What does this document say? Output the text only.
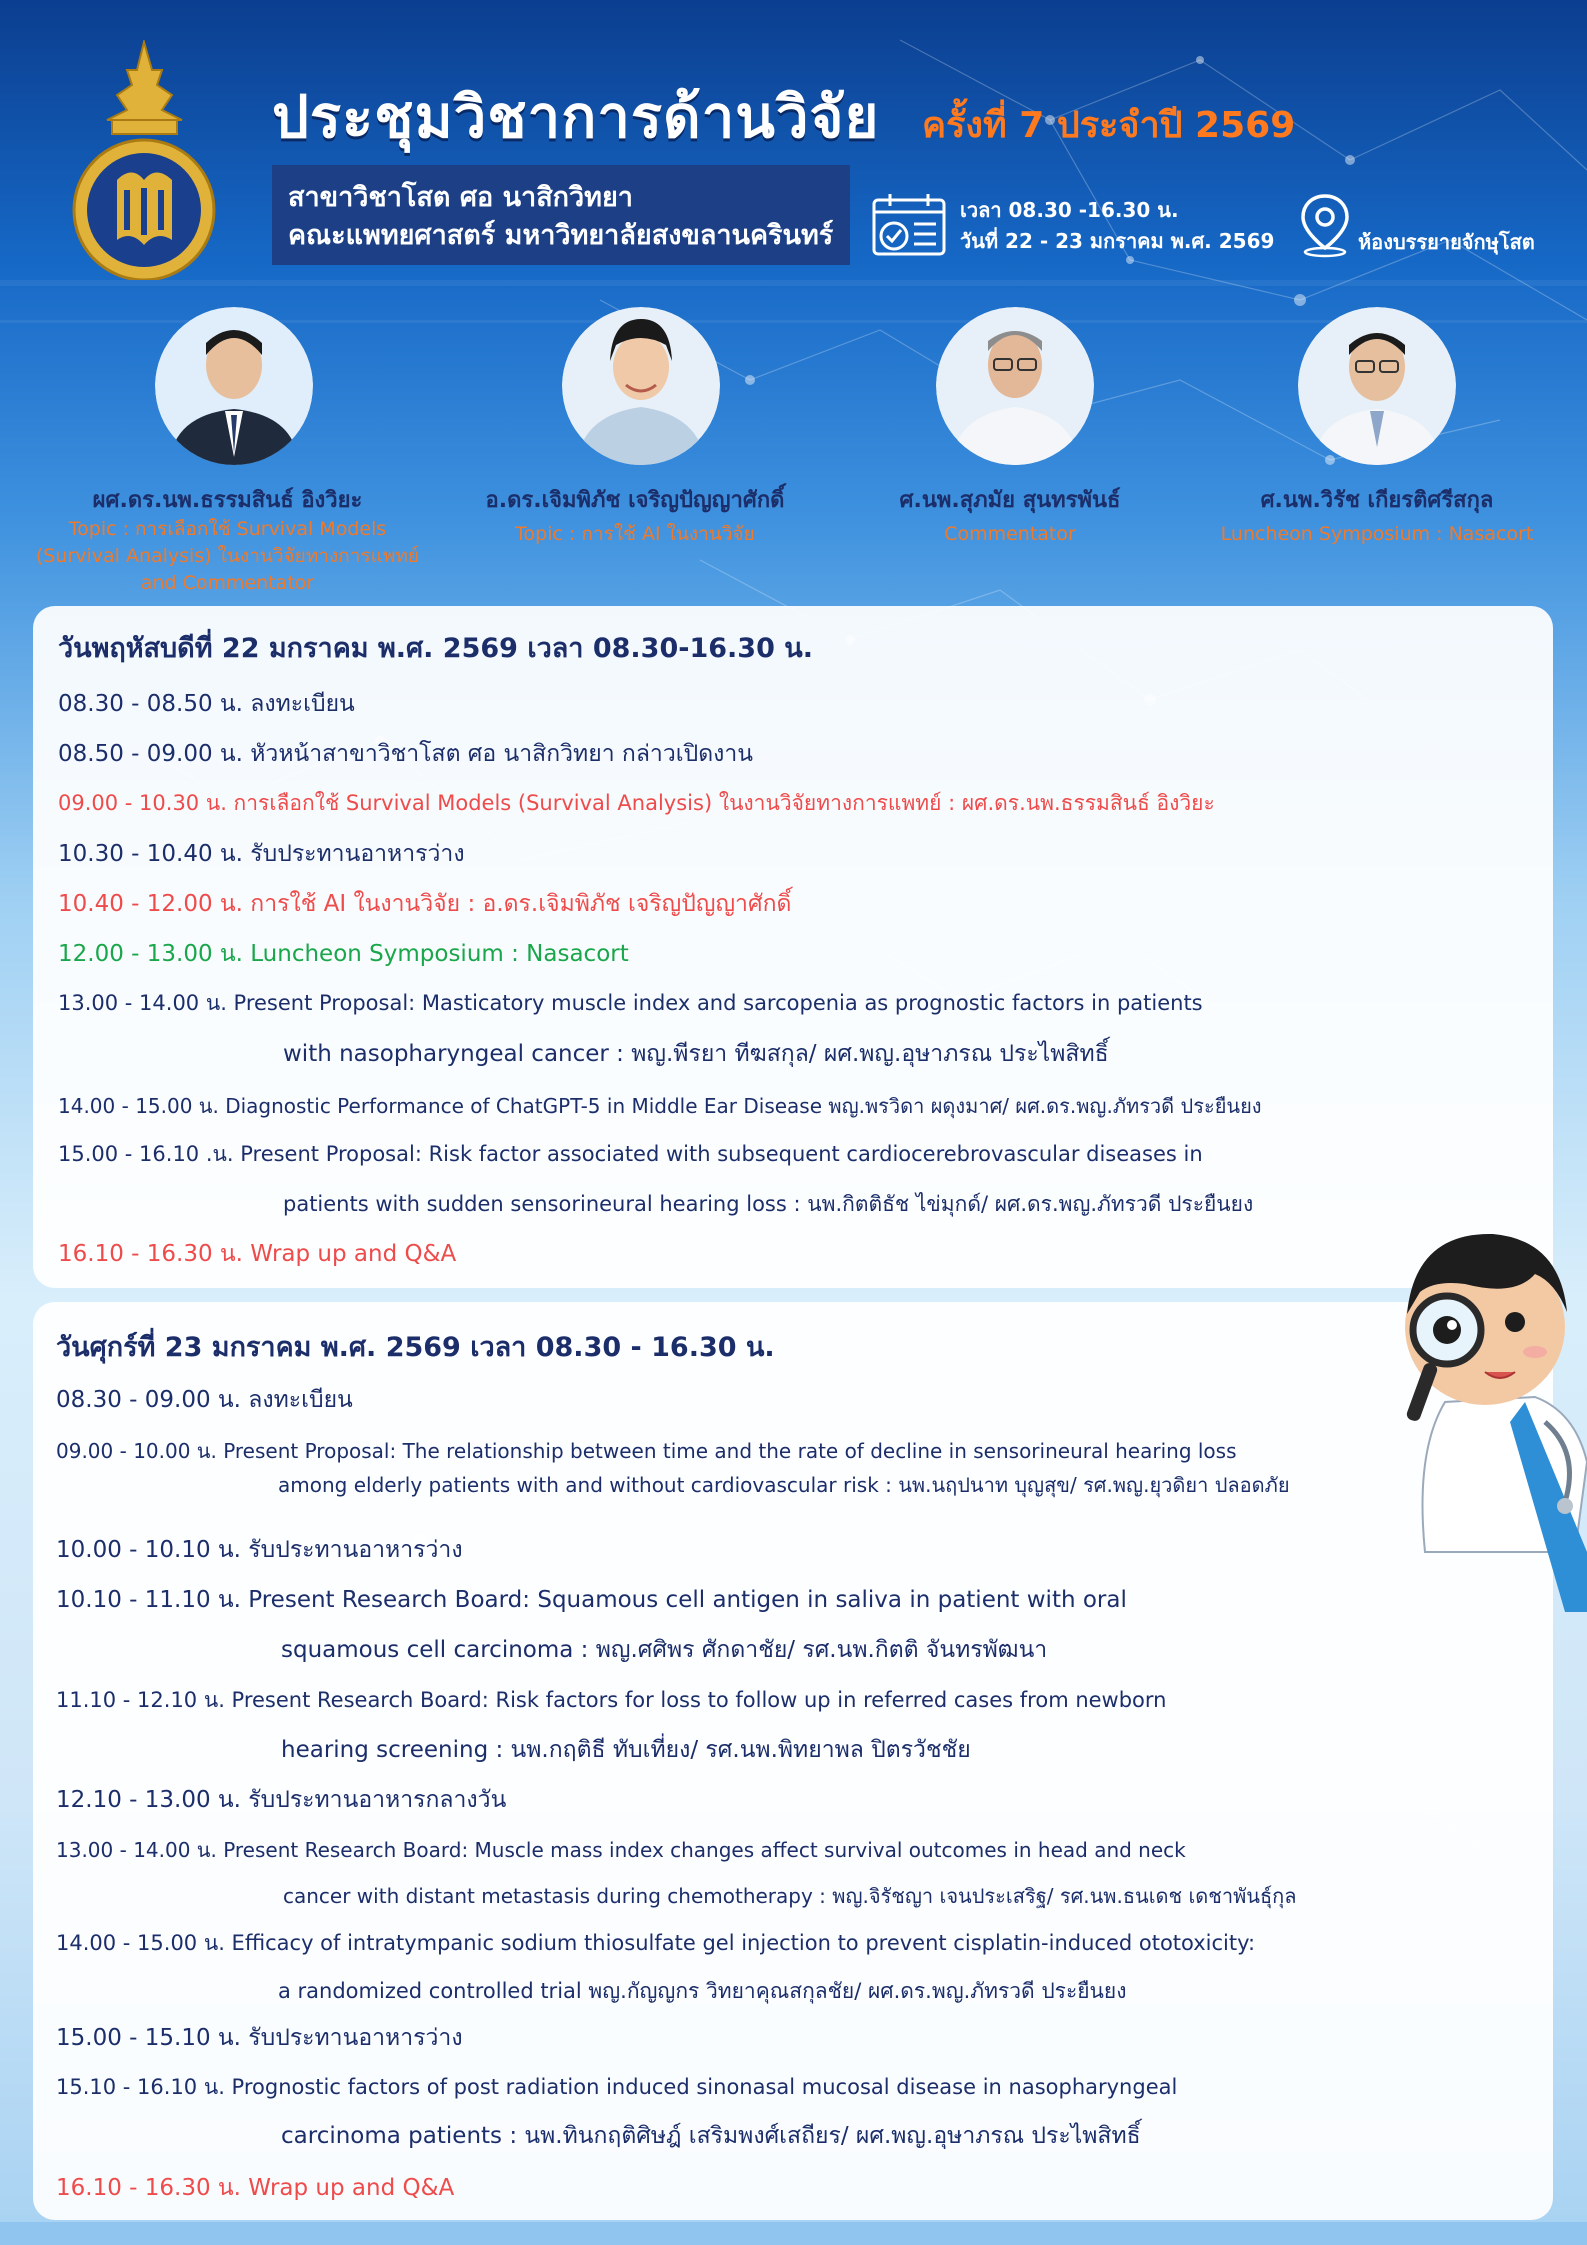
ประชุมวิชาการด้านวิจัย ครั้งที่ 7 ประจำปี 2569
สาขาวิชาโสต ศอ นาสิกวิทยา
คณะแพทยศาสตร์ มหาวิทยาลัยสงขลานครินทร์
เวลา 08.30 -16.30 น.
วันที่ 22 - 23 มกราคม พ.ศ. 2569	ห้องบรรยายจักษุโสต
ผศ.ดร.นพ.ธรรมสินธ์ อิงวิยะ
Topic : การเลือกใช้ Survival Models
(Survival Analysis) ในงานวิจัยทางการแพทย์
and Commentator
อ.ดร.เจิมพิภัช เจริญปัญญาศักดิ์
Topic : การใช้ AI ในงานวิจัย
ศ.นพ.สุภมัย สุนทรพันธ์
Commentator
ศ.นพ.วิรัช เกียรติศรีสกุล
Luncheon Symposium : Nasacort
วันพฤหัสบดีที่ 22 มกราคม พ.ศ. 2569 เวลา 08.30-16.30 น.
08.30 - 08.50 น. ลงทะเบียน
08.50 - 09.00 น. หัวหน้าสาขาวิชาโสต ศอ นาสิกวิทยา กล่าวเปิดงาน
09.00 - 10.30 น. การเลือกใช้ Survival Models (Survival Analysis) ในงานวิจัยทางการแพทย์ : ผศ.ดร.นพ.ธรรมสินธ์ อิงวิยะ
10.30 - 10.40 น. รับประทานอาหารว่าง
10.40 - 12.00 น. การใช้ AI ในงานวิจัย : อ.ดร.เจิมพิภัช เจริญปัญญาศักดิ์
12.00 - 13.00 น. Luncheon Symposium : Nasacort
13.00 - 14.00 น. Present Proposal: Masticatory muscle index and sarcopenia as prognostic factors in patients
with nasopharyngeal cancer : พญ.พีรยา ทีฆสกุล/ ผศ.พญ.อุษาภรณ ประไพสิทธิ์
14.00 - 15.00 น. Diagnostic Performance of ChatGPT-5 in Middle Ear Disease พญ.พรวิดา ผดุงมาศ/ ผศ.ดร.พญ.ภัทรวดี ประยืนยง
15.00 - 16.10 .น. Present Proposal: Risk factor associated with subsequent cardiocerebrovascular diseases in
patients with sudden sensorineural hearing loss : นพ.กิตติธัช ไข่มุกด์/ ผศ.ดร.พญ.ภัทรวดี ประยืนยง
16.10 - 16.30 น. Wrap up and Q&A
วันศุกร์ที่ 23 มกราคม พ.ศ. 2569 เวลา 08.30 - 16.30 น.
08.30 - 09.00 น. ลงทะเบียน
09.00 - 10.00 น. Present Proposal: The relationship between time and the rate of decline in sensorineural hearing loss
among elderly patients with and without cardiovascular risk : นพ.นฤปนาท บุญสุข/ รศ.พญ.ยุวดิยา ปลอดภัย
10.00 - 10.10 น. รับประทานอาหารว่าง
10.10 - 11.10 น. Present Research Board: Squamous cell antigen in saliva in patient with oral
squamous cell carcinoma : พญ.ศศิพร ศักดาชัย/ รศ.นพ.กิตติ จันทรพัฒนา
11.10 - 12.10 น. Present Research Board: Risk factors for loss to follow up in referred cases from newborn
hearing screening : นพ.กฤติธี ทับเที่ยง/ รศ.นพ.พิทยาพล ปิตรวัชชัย
12.10 - 13.00 น. รับประทานอาหารกลางวัน
13.00 - 14.00 น. Present Research Board: Muscle mass index changes affect survival outcomes in head and neck
cancer with distant metastasis during chemotherapy : พญ.จิรัชญา เจนประเสริฐ/ รศ.นพ.ธนเดช เดชาพันธุ์กุล
14.00 - 15.00 น. Efficacy of intratympanic sodium thiosulfate gel injection to prevent cisplatin-induced ototoxicity:
a randomized controlled trial พญ.กัญญกร วิทยาคุณสกุลชัย/ ผศ.ดร.พญ.ภัทรวดี ประยืนยง
15.00 - 15.10 น. รับประทานอาหารว่าง
15.10 - 16.10 น. Prognostic factors of post radiation induced sinonasal mucosal disease in nasopharyngeal
carcinoma patients : นพ.ทินกฤติศิษฎ์ เสริมพงศ์เสถียร/ ผศ.พญ.อุษาภรณ ประไพสิทธิ์
16.10 - 16.30 น. Wrap up and Q&A
